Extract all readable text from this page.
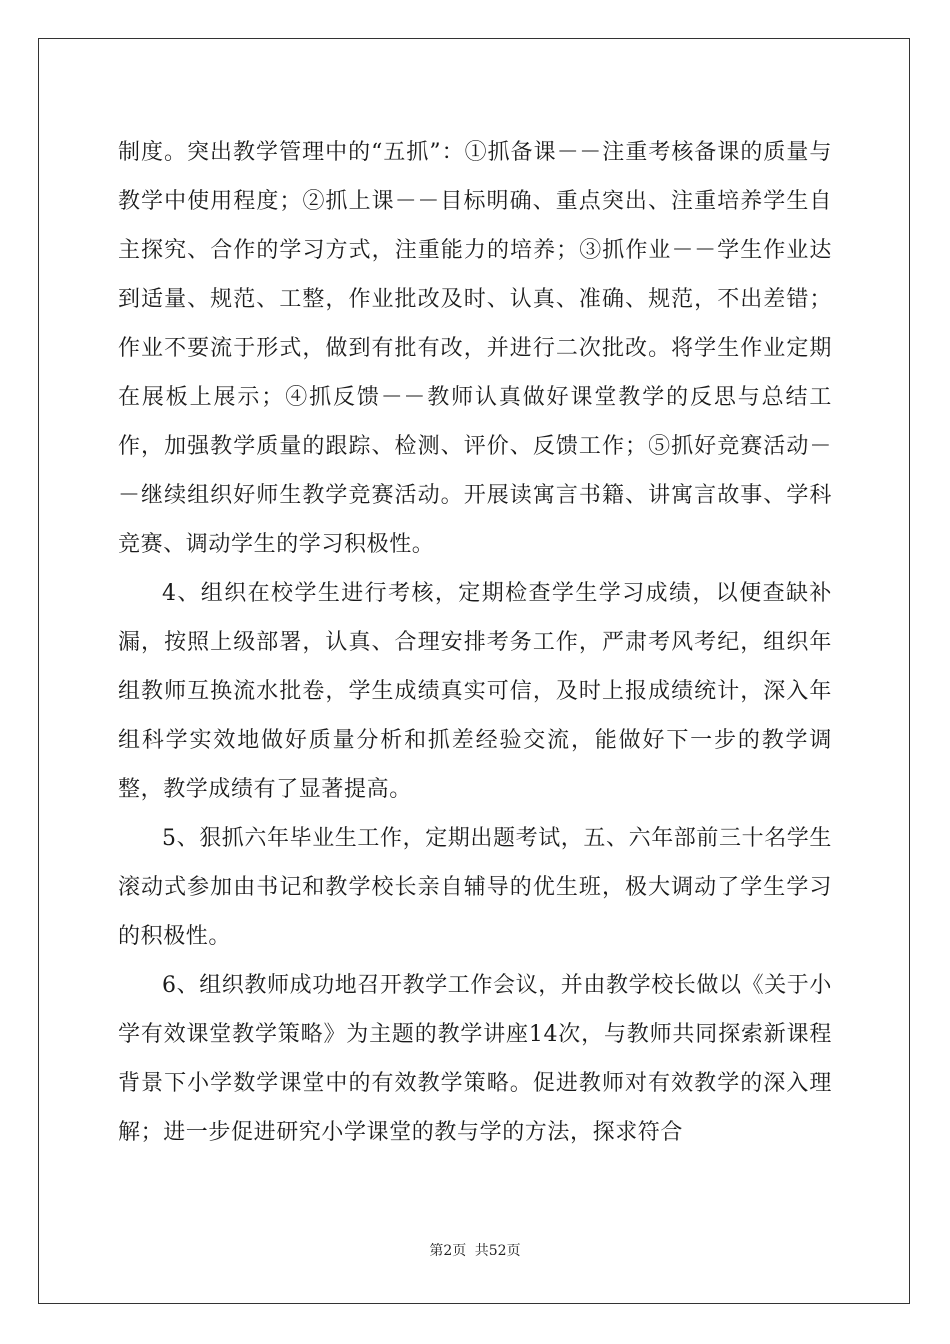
制度。突出教学管理中的“五抓”：①抓备课－－注重考核备课的质量与教学中使用程度；②抓上课－－目标明确、重点突出、注重培养学生自主探究、合作的学习方式，注重能力的培养；③抓作业－－学生作业达到适量、规范、工整，作业批改及时、认真、准确、规范，不出差错；作业不要流于形式，做到有批有改，并进行二次批改。将学生作业定期在展板上展示；④抓反馈－－教师认真做好课堂教学的反思与总结工作，加强教学质量的跟踪、检测、评价、反馈工作；⑤抓好竞赛活动－－继续组织好师生教学竞赛活动。开展读寓言书籍、讲寓言故事、学科竞赛、调动学生的学习积极性。

4、组织在校学生进行考核，定期检查学生学习成绩，以便查缺补漏，按照上级部署，认真、合理安排考务工作，严肃考风考纪，组织年组教师互换流水批卷，学生成绩真实可信，及时上报成绩统计，深入年组科学实效地做好质量分析和抓差经验交流，能做好下一步的教学调整，教学成绩有了显著提高。

5、狠抓六年毕业生工作，定期出题考试，五、六年部前三十名学生滚动式参加由书记和教学校长亲自辅导的优生班，极大调动了学生学习的积极性。

6、组织教师成功地召开教学工作会议，并由教学校长做以《关于小学有效课堂教学策略》为主题的教学讲座14次，与教师共同探索新课程背景下小学数学课堂中的有效教学策略。促进教师对有效教学的深入理解；进一步促进研究小学课堂的教与学的方法，探求符合

第2页 共52页
